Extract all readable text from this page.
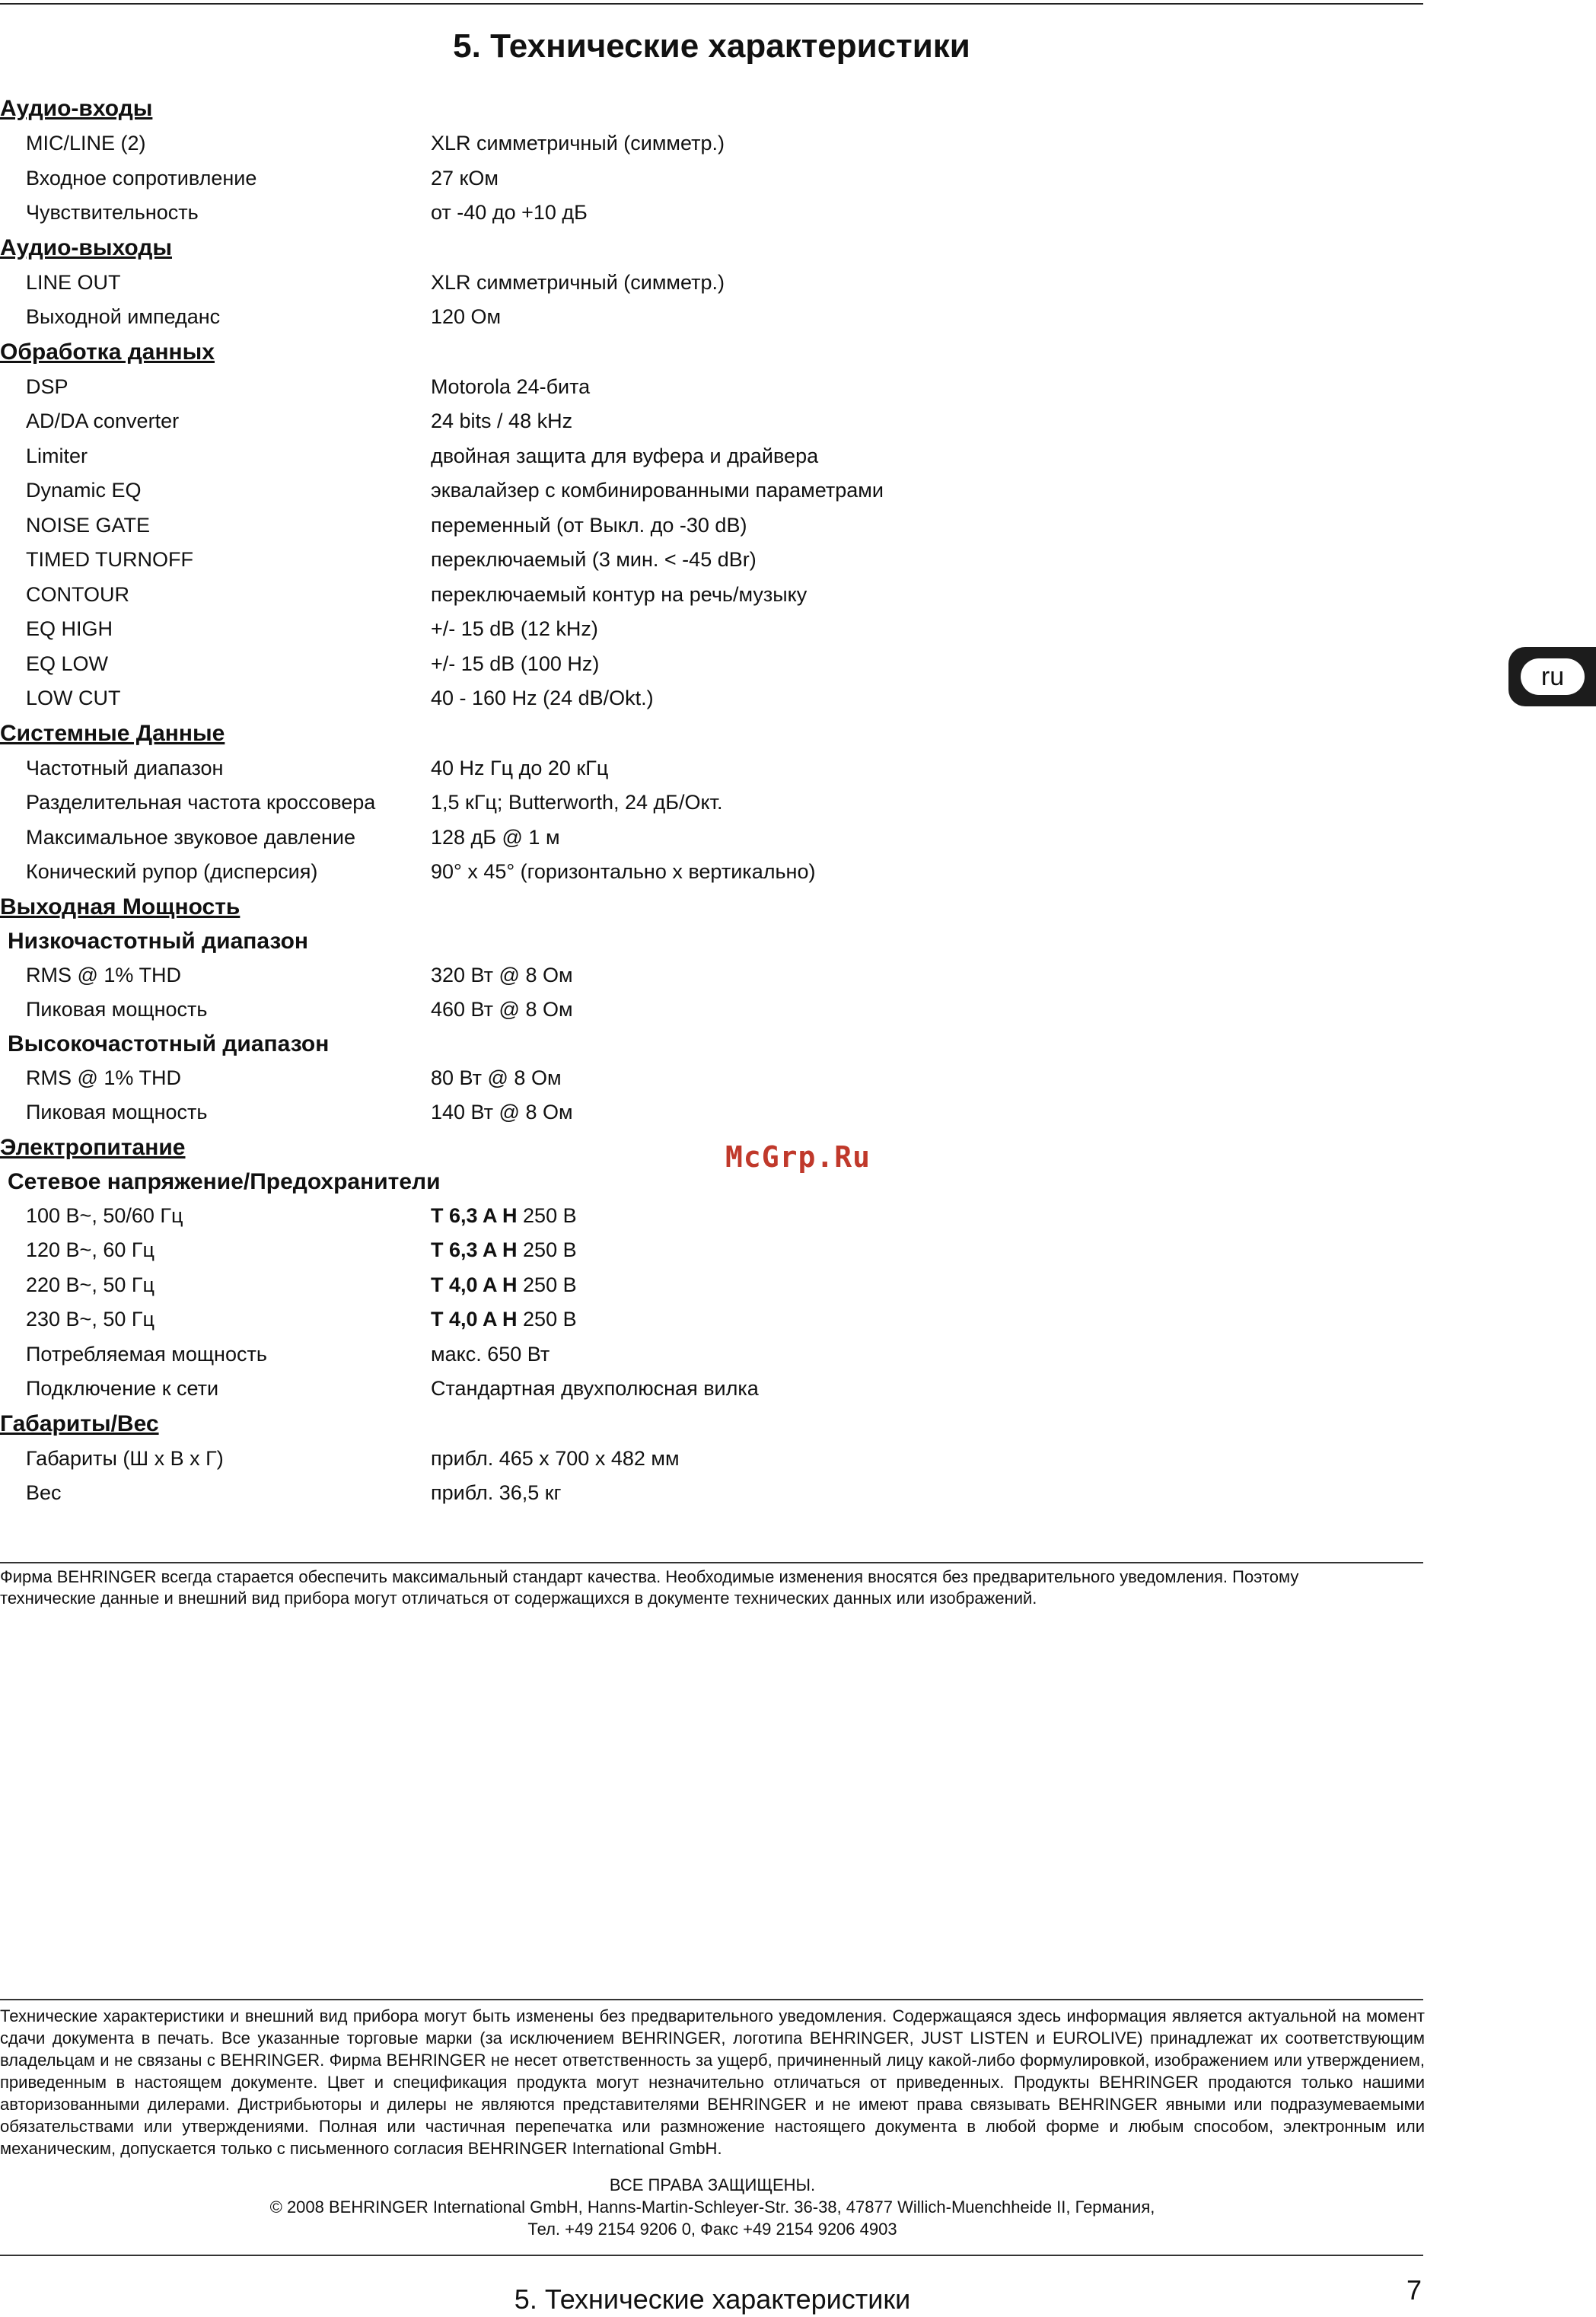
5. Технические характеристики
Аудио-входы
MIC/LINE (2)	XLR симметричный (симметр.)
Входное сопротивление	27 кОм
Чувствительность	от -40 до +10 дБ
Аудио-выходы
LINE OUT	XLR симметричный (симметр.)
Выходной импеданс	120 Ом
Обработка данных
DSP	Motorola 24-бита
AD/DA converter	24 bits / 48 kHz
Limiter	двойная защита для вуфера и драйвера
Dynamic EQ	эквалайзер с комбинированными параметрами
NOISE GATE	переменный (от Выкл. до -30 dB)
TIMED TURNOFF	переключаемый (3 мин. < -45 dBr)
CONTOUR	переключаемый контур на речь/музыку
EQ HIGH	+/- 15 dB (12 kHz)
EQ LOW	+/- 15 dB (100 Hz)
LOW CUT	40 - 160 Hz (24 dB/Okt.)
Системные Данные
Частотный диапазон	40 Hz Гц до 20 кГц
Разделительная частота кроссовера	1,5 кГц; Butterworth, 24 дБ/Окт.
Максимальное звуковое давление	128 дБ @ 1 м
Конический рупор (дисперсия)	90° x 45° (горизонтально x вертикально)
Выходная Мощность
Низкочастотный диапазон
RMS @ 1% THD	320 Вт @ 8 Ом
Пиковая мощность	460 Вт @ 8 Ом
Высокочастотный диапазон
RMS @ 1% THD	80 Вт @ 8 Ом
Пиковая мощность	140 Вт @ 8 Ом
Электропитание
Сетевое напряжение/Предохранители
100 В~, 50/60 Гц	T 6,3 A H 250 В
120 В~, 60 Гц	T 6,3 A H 250 В
220 В~, 50 Гц	T 4,0 A H 250 В
230 В~, 50 Гц	T 4,0 A H 250 В
Потребляемая мощность	макс. 650 Вт
Подключение к сети	Стандартная двухполюсная вилка
Габариты/Вес
Габариты (Ш x В x Г)	прибл. 465 x 700 x 482 мм
Вес	прибл. 36,5 кг
McGrp.Ru
ru
Фирма BEHRINGER всегда старается обеспечить максимальный стандарт качества. Необходимые изменения вносятся без предварительного уведомления. Поэтому
технические данные и внешний вид прибора могут отличаться от содержащихся в документе технических данных или изображений.
Технические характеристики и внешний вид прибора могут быть изменены без предварительного уведомления. Содержащаяся здесь информация является актуальной на момент сдачи документа в печать. Все указанные торговые марки (за исключением BEHRINGER, логотипа BEHRINGER, JUST LISTEN и EUROLIVE) принадлежат их соответствующим владельцам и не связаны с BEHRINGER. Фирма BEHRINGER не несет ответственность за ущерб, причиненный лицу какой-либо формулировкой, изображением или утверждением, приведенным в настоящем документе. Цвет и спецификация продукта могут незначительно отличаться от приведенных. Продукты BEHRINGER продаются только нашими авторизованными дилерами. Дистрибьюторы и дилеры не являются представителями BEHRINGER и не имеют права связывать BEHRINGER явными или подразумеваемыми обязательствами или утверждениями. Полная или частичная перепечатка или размножение настоящего документа в любой форме и любым способом, электронным или механическим, допускается только с письменного согласия BEHRINGER International GmbH.
ВСЕ ПРАВА ЗАЩИЩЕНЫ.
© 2008 BEHRINGER International GmbH, Hanns-Martin-Schleyer-Str. 36-38, 47877 Willich-Muenchheide II, Германия,
Тел. +49 2154 9206 0, Факс +49 2154 9206 4903
5. Технические характеристики	7
